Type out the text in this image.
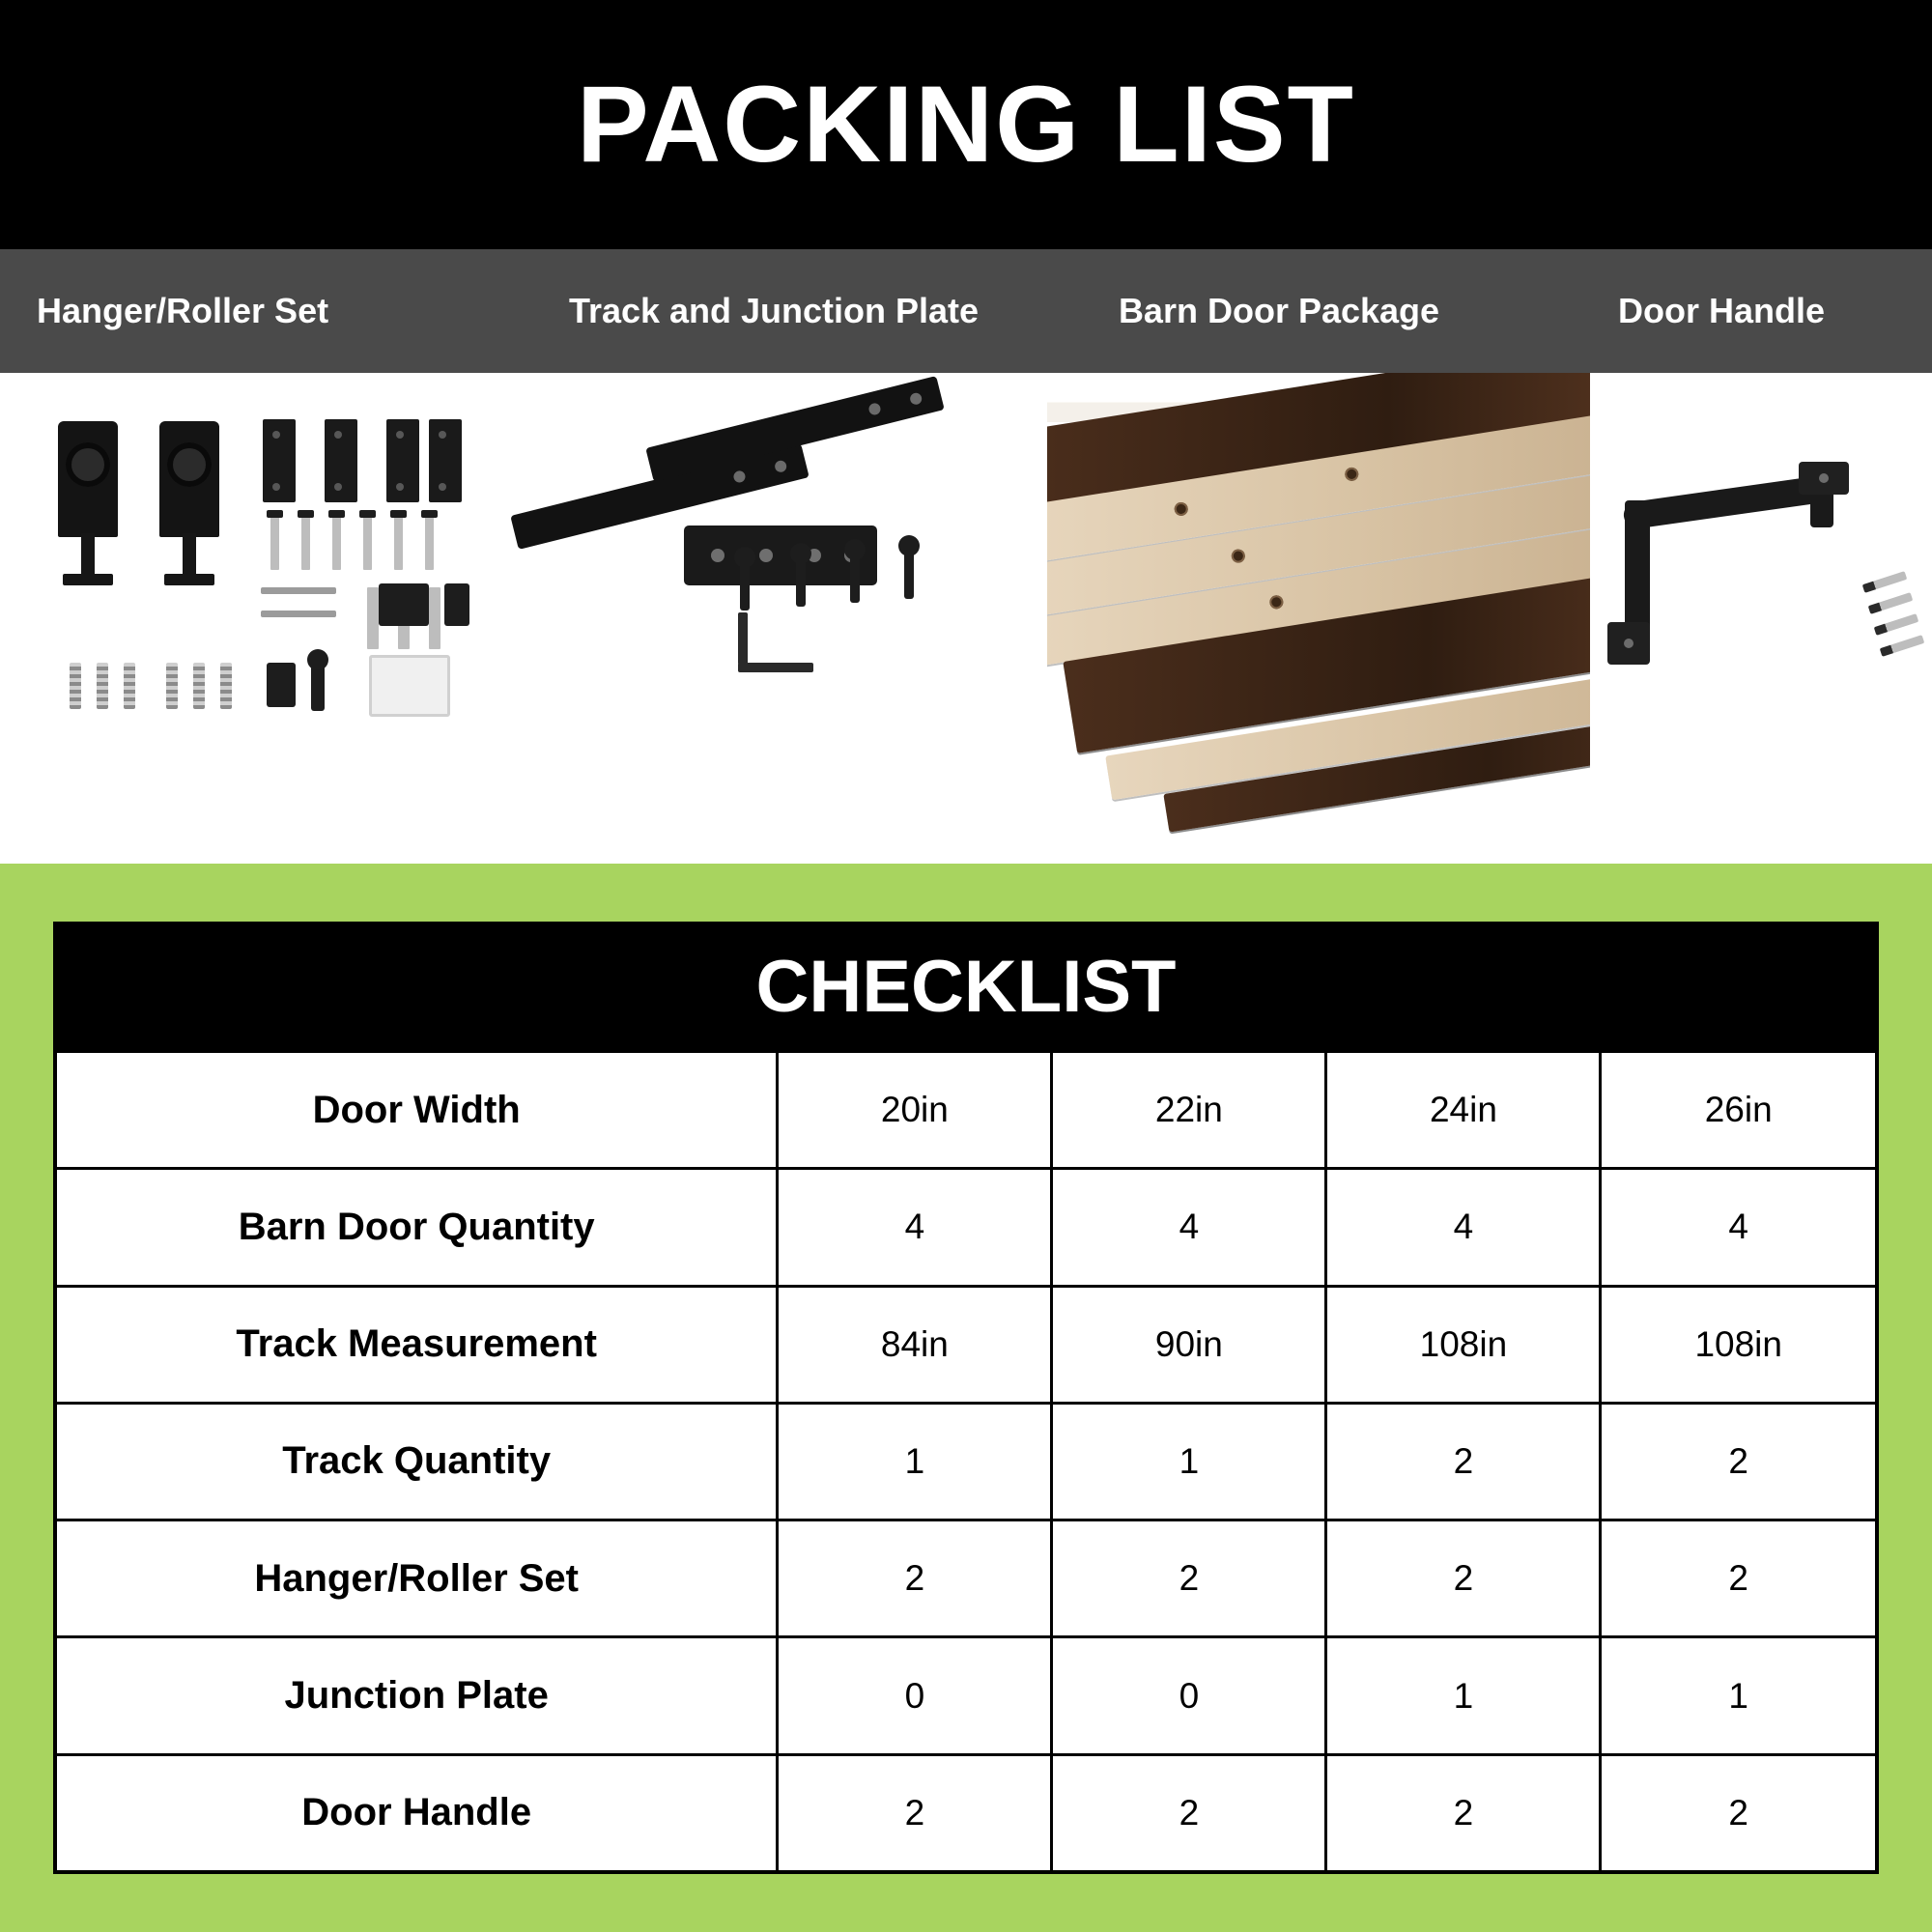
PACKING LIST
Hanger/Roller Set	Track and Junction Plate	Barn Door Package	Door Handle
CHECKLIST
Door Width	20in	22in	24in	26in
Barn Door Quantity	4	4	4	4
Track Measurement	84in	90in	108in	108in
Track Quantity	1	1	2	2
Hanger/Roller Set	2	2	2	2
Junction Plate	0	0	1	1
Door Handle	2	2	2	2
